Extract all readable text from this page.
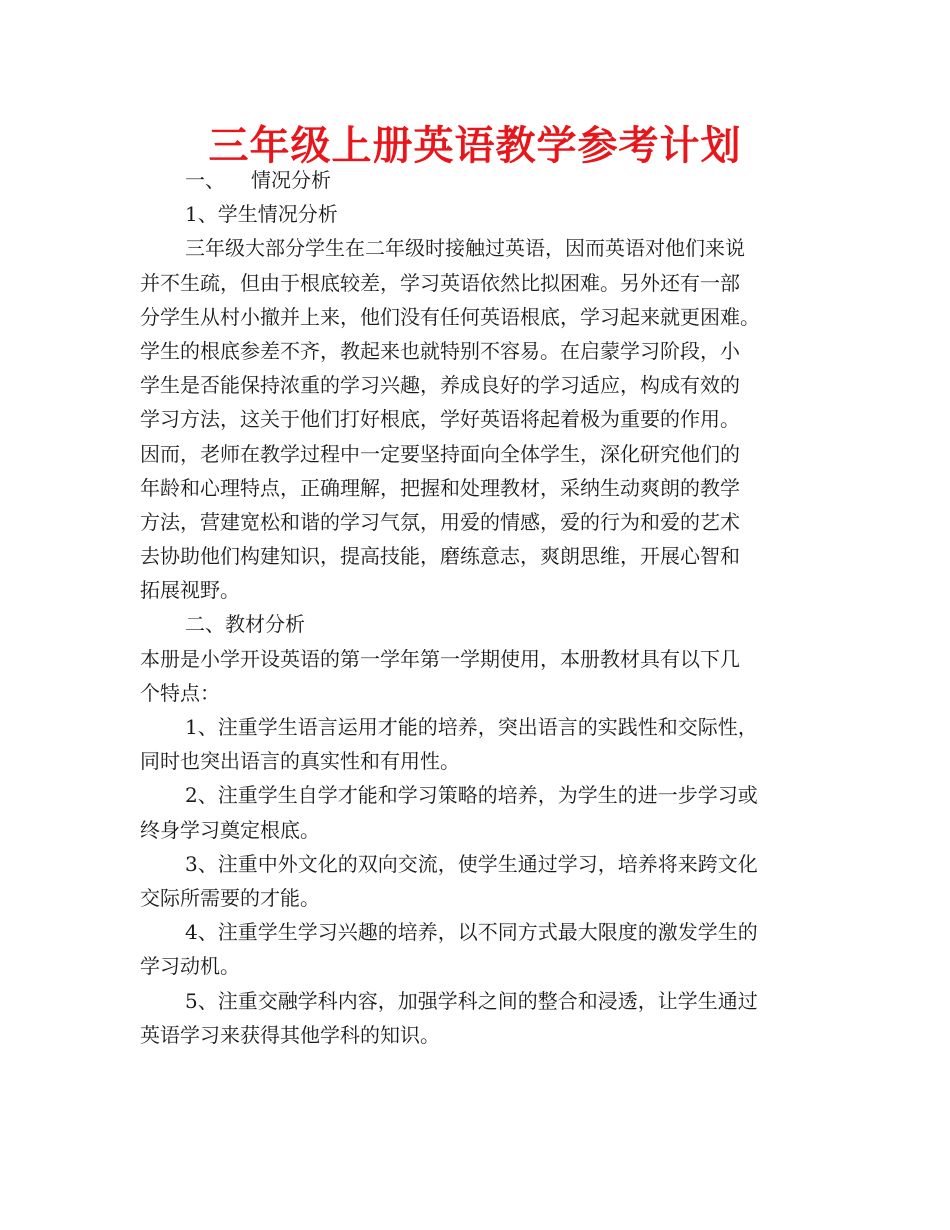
三年级上册英语教学参考计划
一、 情况分析
1、学生情况分析
三年级大部分学生在二年级时接触过英语，因而英语对他们来说
并不生疏，但由于根底较差，学习英语依然比拟困难。另外还有一部
分学生从村小撤并上来，他们没有任何英语根底，学习起来就更困难。
学生的根底参差不齐，教起来也就特别不容易。在启蒙学习阶段，小
学生是否能保持浓重的学习兴趣，养成良好的学习适应，构成有效的
学习方法，这关于他们打好根底，学好英语将起着极为重要的作用。
因而，老师在教学过程中一定要坚持面向全体学生，深化研究他们的
年龄和心理特点，正确理解，把握和处理教材，采纳生动爽朗的教学
方法，营建宽松和谐的学习气氛，用爱的情感，爱的行为和爱的艺术
去协助他们构建知识，提高技能，磨练意志，爽朗思维，开展心智和
拓展视野。
二、教材分析
本册是小学开设英语的第一学年第一学期使用，本册教材具有以下几
个特点：
1、注重学生语言运用才能的培养，突出语言的实践性和交际性，
同时也突出语言的真实性和有用性。
2、注重学生自学才能和学习策略的培养，为学生的进一步学习或
终身学习奠定根底。
3、注重中外文化的双向交流，使学生通过学习，培养将来跨文化
交际所需要的才能。
4、注重学生学习兴趣的培养，以不同方式最大限度的激发学生的
学习动机。
5、注重交融学科内容，加强学科之间的整合和浸透，让学生通过
英语学习来获得其他学科的知识。
